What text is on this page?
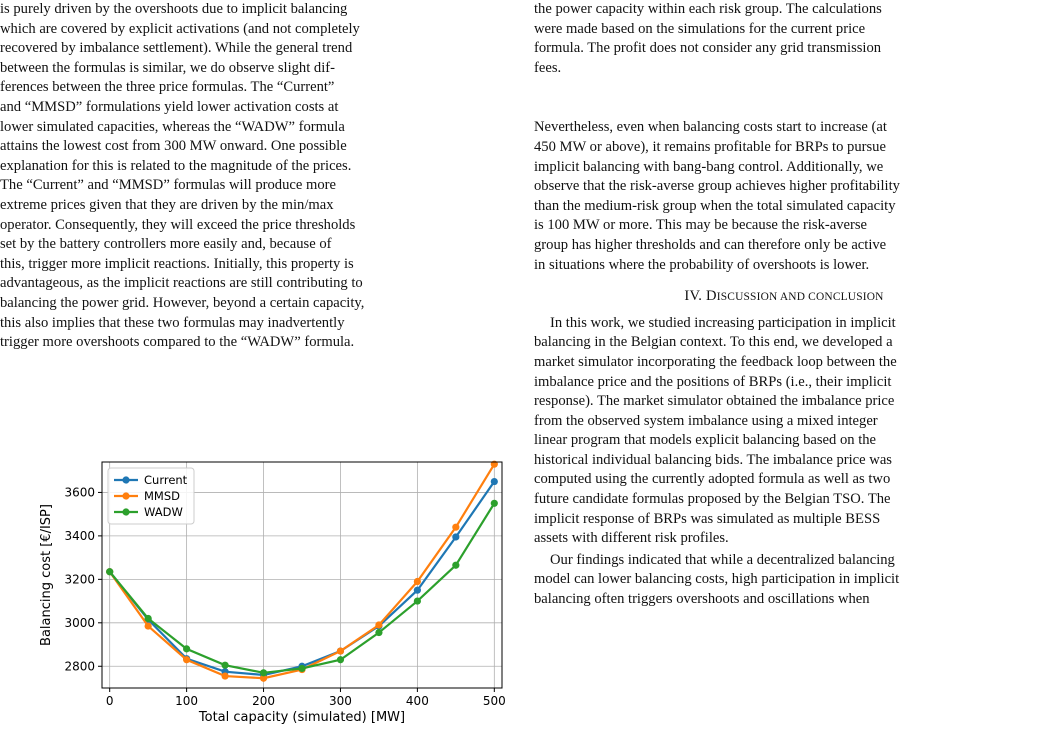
is purely driven by the overshoots due to implicit balancing

which are covered by explicit activations (and not completely

recovered by imbalance settlement). While the general trend

between the formulas is similar, we do observe slight dif-

ferences between the three price formulas. The “Current”

and “MMSD” formulations yield lower activation costs at

lower simulated capacities, whereas the “WADW” formula

attains the lowest cost from 300 MW onward. One possible

explanation for this is related to the magnitude of the prices.

The “Current” and “MMSD” formulas will produce more

extreme prices given that they are driven by the min/max

operator. Consequently, they will exceed the price thresholds

set by the battery controllers more easily and, because of

this, trigger more implicit reactions. Initially, this property is

advantageous, as the implicit reactions are still contributing to

balancing the power grid. However, beyond a certain capacity,

this also implies that these two formulas may inadvertently

trigger more overshoots compared to the “WADW” formula.

0	100	200	300	400	500
2800
3000
3200
3400
3600
Total capacity (simulated) [MW]
Balancing cost [€/ISP]
Current
MMSD
WADW

the power capacity within each risk group. The calculations

were made based on the simulations for the current price

formula. The profit does not consider any grid transmission

fees.

Nevertheless, even when balancing costs start to increase (at

450 MW or above), it remains profitable for BRPs to pursue

implicit balancing with bang-bang control. Additionally, we

observe that the risk-averse group achieves higher profitability

than the medium-risk group when the total simulated capacity

is 100 MW or more. This may be because the risk-averse

group has higher thresholds and can therefore only be active

in situations where the probability of overshoots is lower.

IV. DISCUSSION AND CONCLUSION

In this work, we studied increasing participation in implicit

balancing in the Belgian context. To this end, we developed a

market simulator incorporating the feedback loop between the

imbalance price and the positions of BRPs (i.e., their implicit

response). The market simulator obtained the imbalance price

from the observed system imbalance using a mixed integer

linear program that models explicit balancing based on the

historical individual balancing bids. The imbalance price was

computed using the currently adopted formula as well as two

future candidate formulas proposed by the Belgian TSO. The

implicit response of BRPs was simulated as multiple BESS

assets with different risk profiles.

Our findings indicated that while a decentralized balancing

model can lower balancing costs, high participation in implicit

balancing often triggers overshoots and oscillations when
